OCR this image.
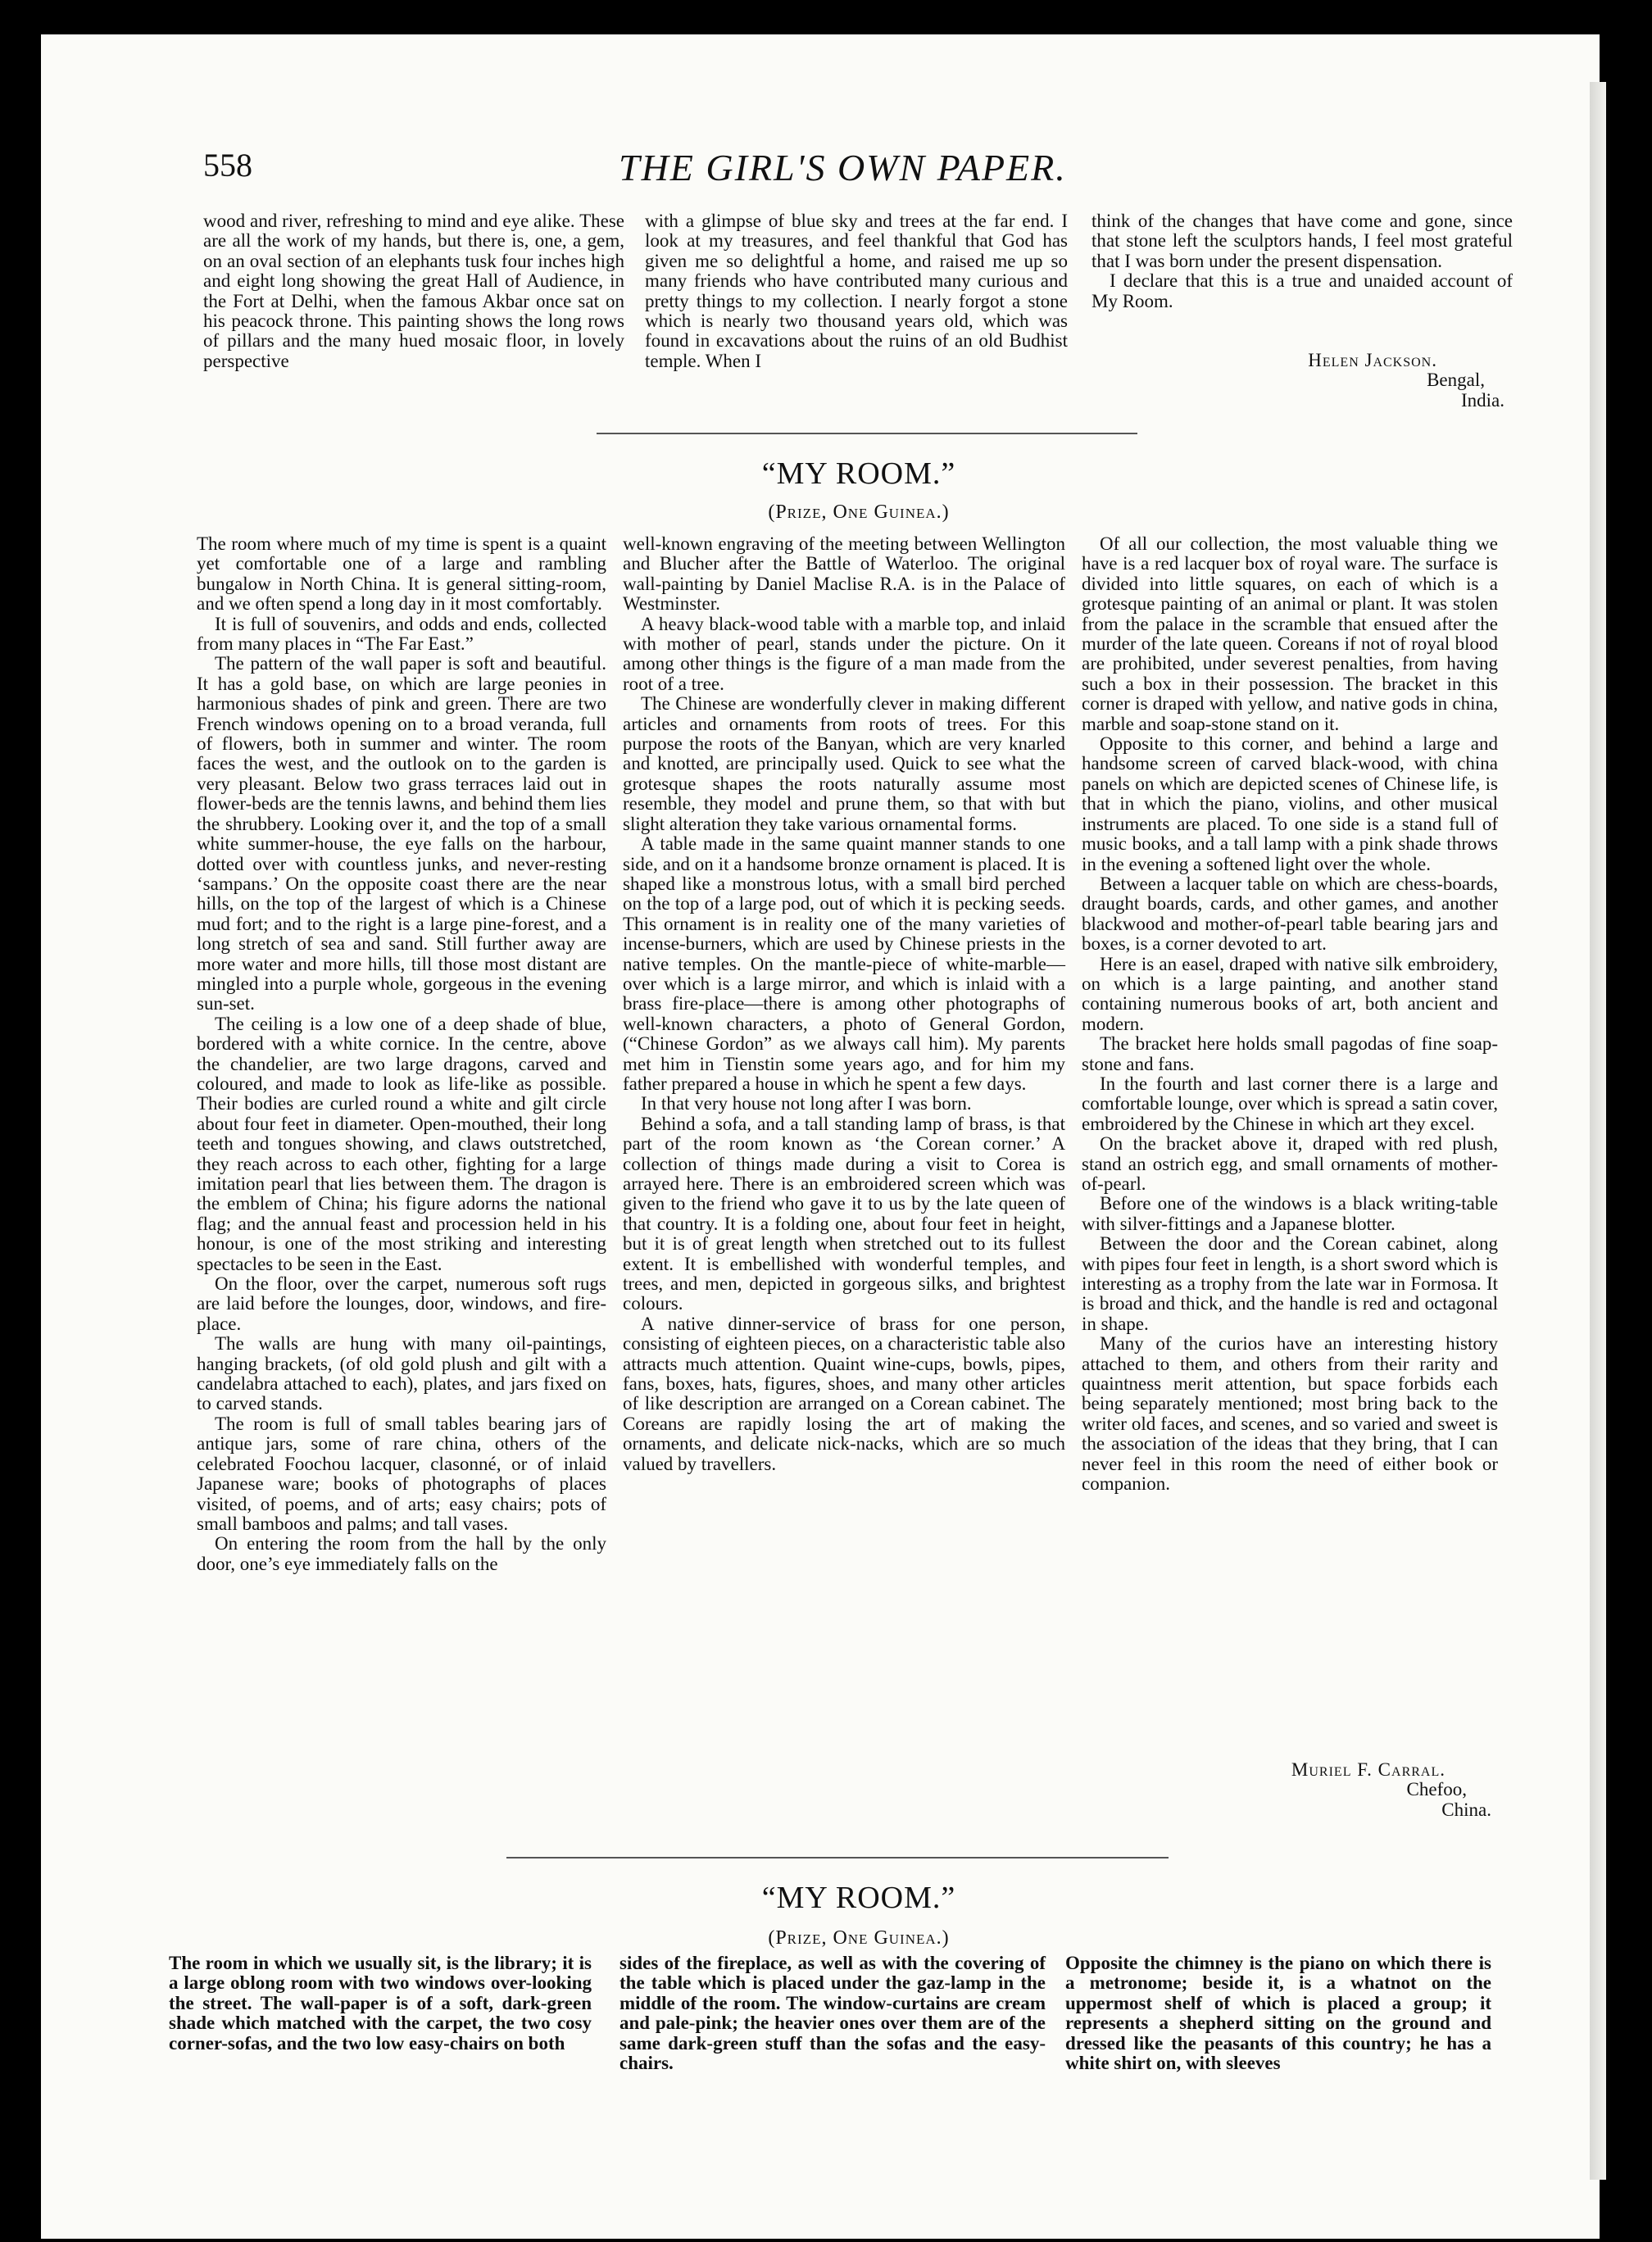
558	THE GIRL'S OWN PAPER.

wood and river, refreshing to mind and eye alike. These are all the work of my hands, but there is, one, a gem, on an oval section of an elephants tusk four inches high and eight long showing the great Hall of Audience, in the Fort at Delhi, when the famous Akbar once sat on his peacock throne. This painting shows the long rows of pillars and the many hued mosaic floor, in lovely perspective

with a glimpse of blue sky and trees at the far end. I look at my treasures, and feel thankful that God has given me so delightful a home, and raised me up so many friends who have contributed many curious and pretty things to my collection. I nearly forgot a stone which is nearly two thousand years old, which was found in excavations about the ruins of an old Budhist temple. When I

think of the changes that have come and gone, since that stone left the sculptors hands, I feel most grateful that I was born under the present dispensation.

I declare that this is a true and unaided account of My Room.

Helen Jackson.
Bengal,
India.
“MY ROOM.”
(Prize, One Guinea.)

The room where much of my time is spent is a quaint yet comfortable one of a large and rambling bungalow in North China. It is general sitting-room, and we often spend a long day in it most comfortably.

It is full of souvenirs, and odds and ends, collected from many places in “The Far East.”

The pattern of the wall paper is soft and beautiful. It has a gold base, on which are large peonies in harmonious shades of pink and green. There are two French windows opening on to a broad veranda, full of flowers, both in summer and winter. The room faces the west, and the outlook on to the garden is very pleasant. Below two grass terraces laid out in flower-beds are the tennis lawns, and behind them lies the shrubbery. Looking over it, and the top of a small white summer-house, the eye falls on the harbour, dotted over with countless junks, and never-resting ‘sampans.’ On the opposite coast there are the near hills, on the top of the largest of which is a Chinese mud fort; and to the right is a large pine-forest, and a long stretch of sea and sand. Still further away are more water and more hills, till those most distant are mingled into a purple whole, gorgeous in the evening sun-set.

The ceiling is a low one of a deep shade of blue, bordered with a white cornice. In the centre, above the chandelier, are two large dragons, carved and coloured, and made to look as life-like as possible. Their bodies are curled round a white and gilt circle about four feet in diameter. Open-mouthed, their long teeth and tongues showing, and claws outstretched, they reach across to each other, fighting for a large imitation pearl that lies between them. The dragon is the emblem of China; his figure adorns the national flag; and the annual feast and procession held in his honour, is one of the most striking and interesting spectacles to be seen in the East.

On the floor, over the carpet, numerous soft rugs are laid before the lounges, door, windows, and fire-place.

The walls are hung with many oil-paintings, hanging brackets, (of old gold plush and gilt with a candelabra attached to each), plates, and jars fixed on to carved stands.

The room is full of small tables bearing jars of antique jars, some of rare china, others of the celebrated Foochou lacquer, clasonné, or of inlaid Japanese ware; books of photographs of places visited, of poems, and of arts; easy chairs; pots of small bamboos and palms; and tall vases.

On entering the room from the hall by the only door, one’s eye immediately falls on the

well-known engraving of the meeting between Wellington and Blucher after the Battle of Waterloo. The original wall-painting by Daniel Maclise R.A. is in the Palace of Westminster.

A heavy black-wood table with a marble top, and inlaid with mother of pearl, stands under the picture. On it among other things is the figure of a man made from the root of a tree.

The Chinese are wonderfully clever in making different articles and ornaments from roots of trees. For this purpose the roots of the Banyan, which are very knarled and knotted, are principally used. Quick to see what the grotesque shapes the roots naturally assume most resemble, they model and prune them, so that with but slight alteration they take various ornamental forms.

A table made in the same quaint manner stands to one side, and on it a handsome bronze ornament is placed. It is shaped like a monstrous lotus, with a small bird perched on the top of a large pod, out of which it is pecking seeds. This ornament is in reality one of the many varieties of incense-burners, which are used by Chinese priests in the native temples. On the mantle-piece of white-marble—over which is a large mirror, and which is inlaid with a brass fire-place—there is among other photographs of well-known characters, a photo of General Gordon, (“Chinese Gordon” as we always call him). My parents met him in Tienstin some years ago, and for him my father prepared a house in which he spent a few days.

In that very house not long after I was born.

Behind a sofa, and a tall standing lamp of brass, is that part of the room known as ‘the Corean corner.’ A collection of things made during a visit to Corea is arrayed here. There is an embroidered screen which was given to the friend who gave it to us by the late queen of that country. It is a folding one, about four feet in height, but it is of great length when stretched out to its fullest extent. It is embellished with wonderful temples, and trees, and men, depicted in gorgeous silks, and brightest colours.

A native dinner-service of brass for one person, consisting of eighteen pieces, on a characteristic table also attracts much attention. Quaint wine-cups, bowls, pipes, fans, boxes, hats, figures, shoes, and many other articles of like description are arranged on a Corean cabinet. The Coreans are rapidly losing the art of making the ornaments, and delicate nick-nacks, which are so much valued by travellers.

Of all our collection, the most valuable thing we have is a red lacquer box of royal ware. The surface is divided into little squares, on each of which is a grotesque painting of an animal or plant. It was stolen from the palace in the scramble that ensued after the murder of the late queen. Coreans if not of royal blood are prohibited, under severest penalties, from having such a box in their possession. The bracket in this corner is draped with yellow, and native gods in china, marble and soap-stone stand on it.

Opposite to this corner, and behind a large and handsome screen of carved black-wood, with china panels on which are depicted scenes of Chinese life, is that in which the piano, violins, and other musical instruments are placed. To one side is a stand full of music books, and a tall lamp with a pink shade throws in the evening a softened light over the whole.

Between a lacquer table on which are chess-boards, draught boards, cards, and other games, and another blackwood and mother-of-pearl table bearing jars and boxes, is a corner devoted to art.

Here is an easel, draped with native silk embroidery, on which is a large painting, and another stand containing numerous books of art, both ancient and modern.

The bracket here holds small pagodas of fine soap-stone and fans.

In the fourth and last corner there is a large and comfortable lounge, over which is spread a satin cover, embroidered by the Chinese in which art they excel.

On the bracket above it, draped with red plush, stand an ostrich egg, and small ornaments of mother-of-pearl.

Before one of the windows is a black writing-table with silver-fittings and a Japanese blotter.

Between the door and the Corean cabinet, along with pipes four feet in length, is a short sword which is interesting as a trophy from the late war in Formosa. It is broad and thick, and the handle is red and octagonal in shape.

Many of the curios have an interesting history attached to them, and others from their rarity and quaintness merit attention, but space forbids each being separately mentioned; most bring back to the writer old faces, and scenes, and so varied and sweet is the association of the ideas that they bring, that I can never feel in this room the need of either book or companion.

Muriel F. Carral.
Chefoo,
China.
“MY ROOM.”
(Prize, One Guinea.)

The room in which we usually sit, is the library; it is a large oblong room with two windows over-looking the street. The wall-paper is of a soft, dark-green shade which matched with the carpet, the two cosy corner-sofas, and the two low easy-chairs on both

sides of the fireplace, as well as with the covering of the table which is placed under the gaz-lamp in the middle of the room. The window-curtains are cream and pale-pink; the heavier ones over them are of the same dark-green stuff than the sofas and the easy-chairs.

Opposite the chimney is the piano on which there is a metronome; beside it, is a whatnot on the uppermost shelf of which is placed a group; it represents a shepherd sitting on the ground and dressed like the peasants of this country; he has a white shirt on, with sleeves
